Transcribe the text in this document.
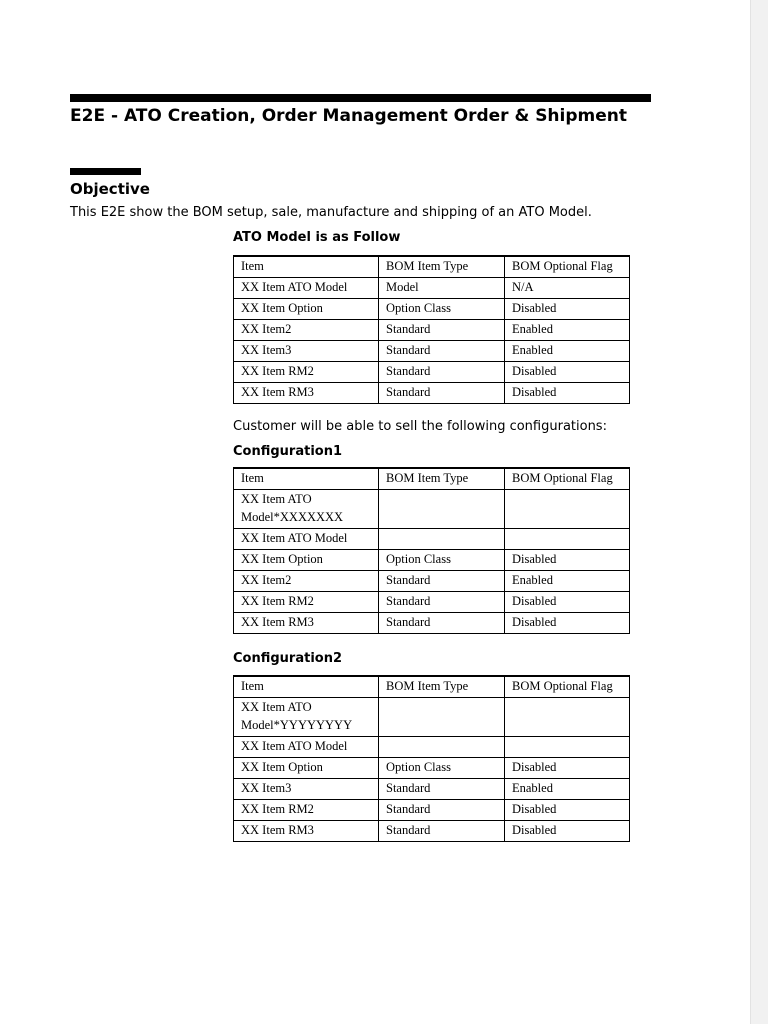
E2E - ATO Creation, Order Management Order & Shipment
Objective

This E2E show the BOM setup, sale, manufacture and shipping of an ATO Model.

ATO Model is as Follow

Item	BOM Item Type	BOM Optional Flag
XX Item ATO Model	Model	N/A
XX Item Option	Option Class	Disabled
XX Item2	Standard	Enabled
XX Item3	Standard	Enabled
XX Item RM2	Standard	Disabled
XX Item RM3	Standard	Disabled

Customer will be able to sell the following configurations:

Configuration1

Item	BOM Item Type	BOM Optional Flag
XX Item ATO Model*XXXXXXX		
XX Item ATO Model		
XX Item Option	Option Class	Disabled
XX Item2	Standard	Enabled
XX Item RM2	Standard	Disabled
XX Item RM3	Standard	Disabled

Configuration2

Item	BOM Item Type	BOM Optional Flag
XX Item ATO Model*YYYYYYYY		
XX Item ATO Model		
XX Item Option	Option Class	Disabled
XX Item3	Standard	Enabled
XX Item RM2	Standard	Disabled
XX Item RM3	Standard	Disabled
